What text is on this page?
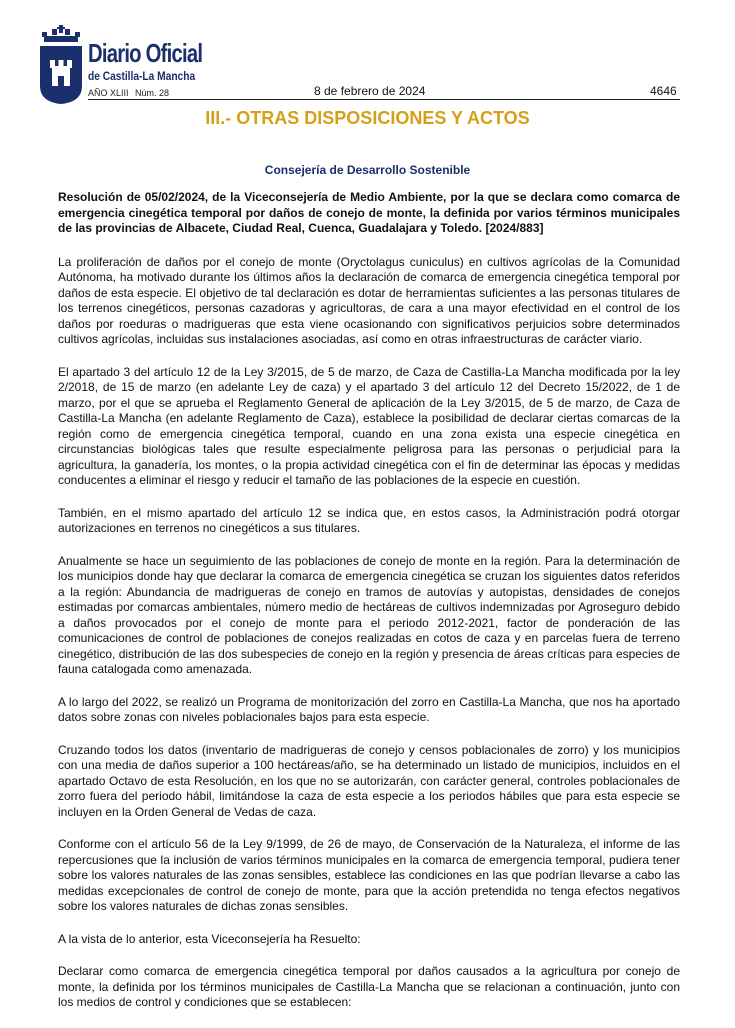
Diario Oficial
de Castilla-La Mancha
AÑO XLIII Núm. 28	8 de febrero de 2024	4646
III.- OTRAS DISPOSICIONES Y ACTOS
Consejería de Desarrollo Sostenible

Resolución de 05/02/2024, de la Viceconsejería de Medio Ambiente, por la que se declara como comarca de emergencia cinegética temporal por daños de conejo de monte, la definida por varios términos municipales de las provincias de Albacete, Ciudad Real, Cuenca, Guadalajara y Toledo. [2024/883]

La proliferación de daños por el conejo de monte (Oryctolagus cuniculus) en cultivos agrícolas de la Comunidad Autónoma, ha motivado durante los últimos años la declaración de comarca de emergencia cinegética temporal por daños de esta especie. El objetivo de tal declaración es dotar de herramientas suficientes a las personas titulares de los terrenos cinegéticos, personas cazadoras y agricultoras, de cara a una mayor efectividad en el control de los daños por roeduras o madrigueras que esta viene ocasionando con significativos perjuicios sobre determinados cultivos agrícolas, incluidas sus instalaciones asociadas, así como en otras infraestructuras de carácter viario.

El apartado 3 del artículo 12 de la Ley 3/2015, de 5 de marzo, de Caza de Castilla-La Mancha modificada por la ley 2/2018, de 15 de marzo (en adelante Ley de caza) y el apartado 3 del artículo 12 del Decreto 15/2022, de 1 de marzo, por el que se aprueba el Reglamento General de aplicación de la Ley 3/2015, de 5 de marzo, de Caza de Castilla-La Mancha (en adelante Reglamento de Caza), establece la posibilidad de declarar ciertas comarcas de la región como de emergencia cinegética temporal, cuando en una zona exista una especie cinegética en circunstancias biológicas tales que resulte especialmente peligrosa para las personas o perjudicial para la agricultura, la ganadería, los montes, o la propia actividad cinegética con el fin de determinar las épocas y medidas conducentes a eliminar el riesgo y reducir el tamaño de las poblaciones de la especie en cuestión.

También, en el mismo apartado del artículo 12 se indica que, en estos casos, la Administración podrá otorgar autorizaciones en terrenos no cinegéticos a sus titulares.

Anualmente se hace un seguimiento de las poblaciones de conejo de monte en la región. Para la determinación de los municipios donde hay que declarar la comarca de emergencia cinegética se cruzan los siguientes datos referidos a la región: Abundancia de madrigueras de conejo en tramos de autovías y autopistas, densidades de conejos estimadas por comarcas ambientales, número medio de hectáreas de cultivos indemnizadas por Agroseguro debido a daños provocados por el conejo de monte para el periodo 2012-2021, factor de ponderación de las comunicaciones de control de poblaciones de conejos realizadas en cotos de caza y en parcelas fuera de terreno cinegético, distribución de las dos subespecies de conejo en la región y presencia de áreas críticas para especies de fauna catalogada como amenazada.

A lo largo del 2022, se realizó un Programa de monitorización del zorro en Castilla-La Mancha, que nos ha aportado datos sobre zonas con niveles poblacionales bajos para esta especie.

Cruzando todos los datos (inventario de madrigueras de conejo y censos poblacionales de zorro) y los municipios con una media de daños superior a 100 hectáreas/año, se ha determinado un listado de municipios, incluidos en el apartado Octavo de esta Resolución, en los que no se autorizarán, con carácter general, controles poblacionales de zorro fuera del periodo hábil, limitándose la caza de esta especie a los periodos hábiles que para esta especie se incluyen en la Orden General de Vedas de caza.

Conforme con el artículo 56 de la Ley 9/1999, de 26 de mayo, de Conservación de la Naturaleza, el informe de las repercusiones que la inclusión de varios términos municipales en la comarca de emergencia temporal, pudiera tener sobre los valores naturales de las zonas sensibles, establece las condiciones en las que podrían llevarse a cabo las medidas excepcionales de control de conejo de monte, para que la acción pretendida no tenga efectos negativos sobre los valores naturales de dichas zonas sensibles.

A la vista de lo anterior, esta Viceconsejería ha Resuelto:

Declarar como comarca de emergencia cinegética temporal por daños causados a la agricultura por conejo de monte, la definida por los términos municipales de Castilla-La Mancha que se relacionan a continuación, junto con los medios de control y condiciones que se establecen:
